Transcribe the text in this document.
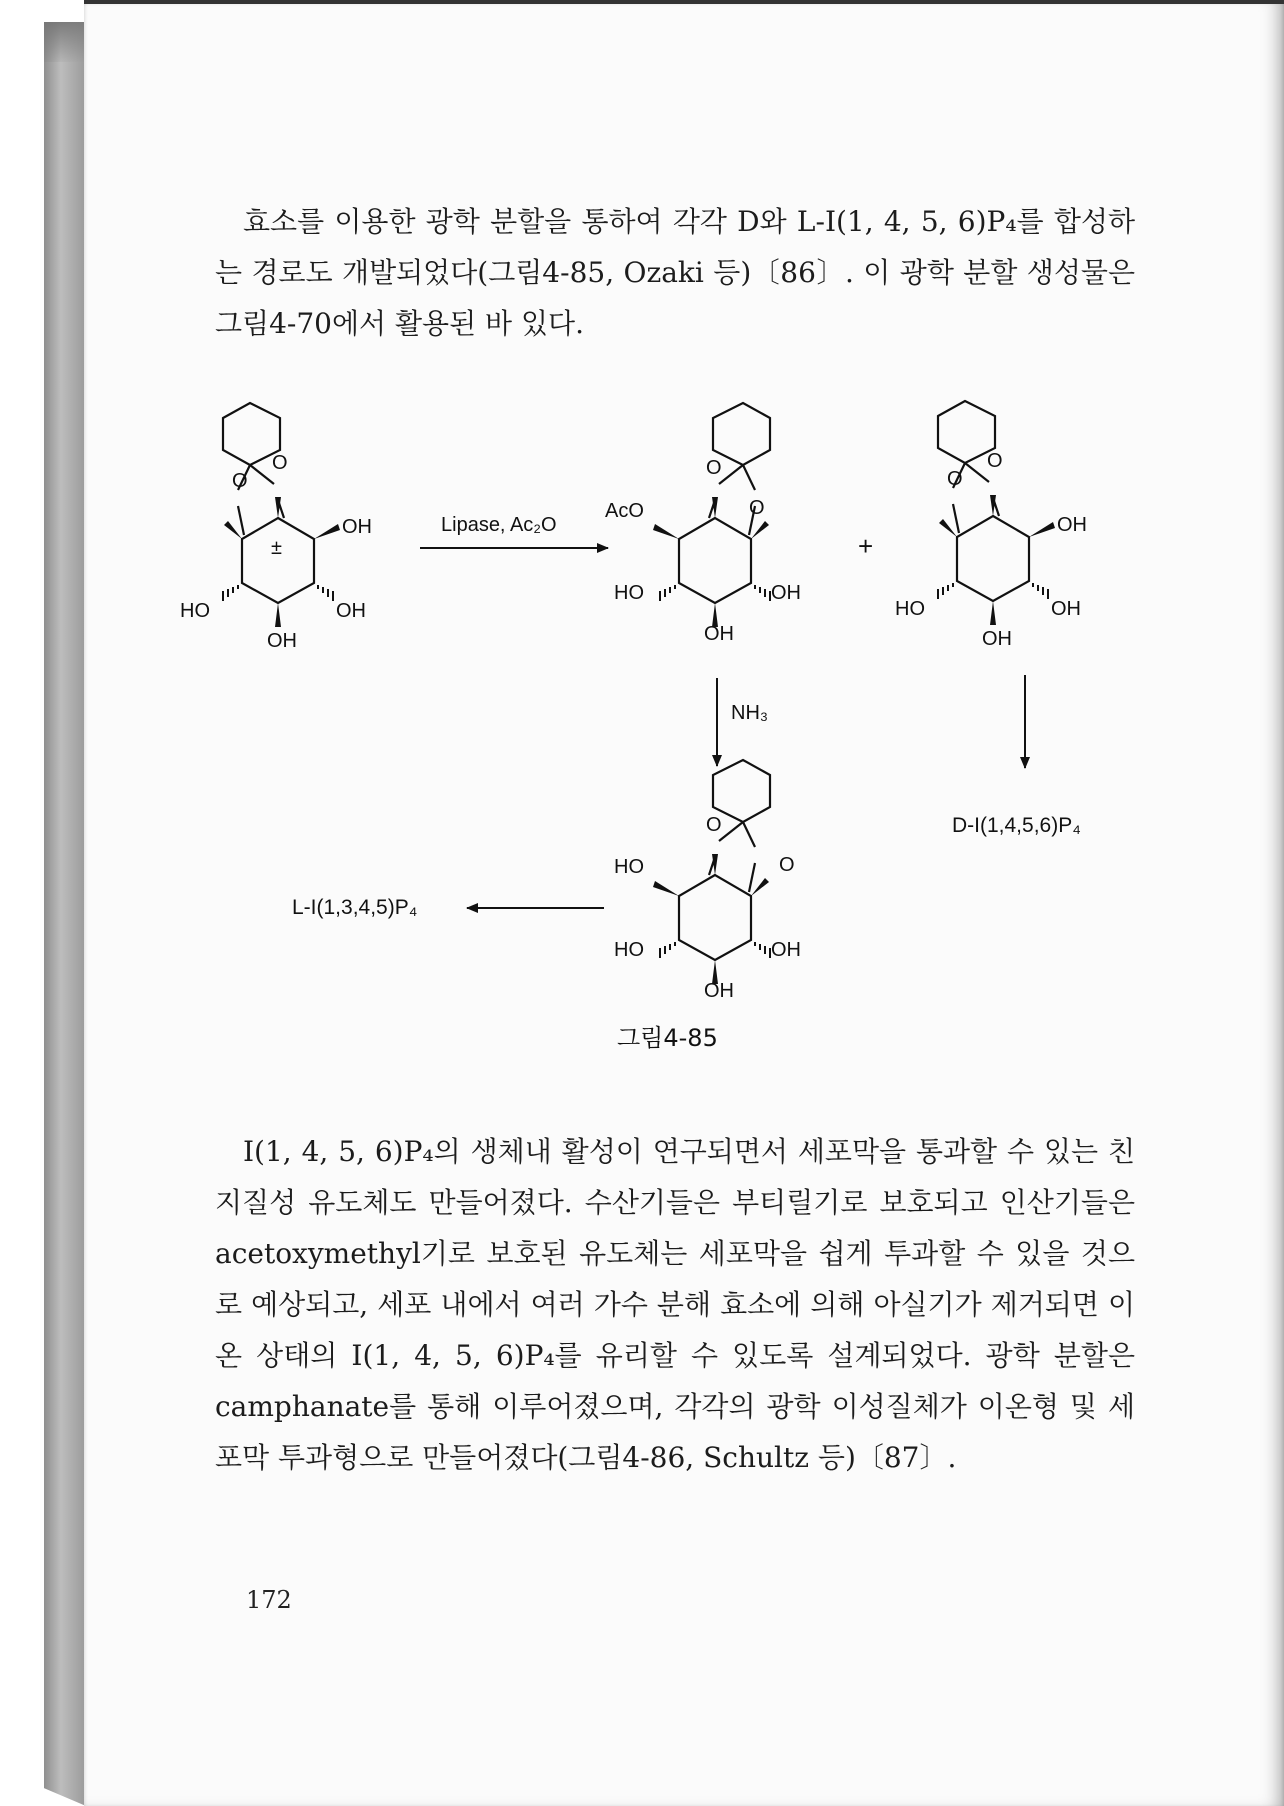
효소를 이용한 광학 분할을 통하여 각각 D와 L-I(1, 4, 5, 6)P₄를 합성하는 경로도 개발되었다(그림4-85, Ozaki 등)〔86〕. 이 광학 분할 생성물은 그림4-70에서 활용된 바 있다.

O
O
±
OH
HO	OH
OH
Lipase, Ac₂O
AcO
O
O
HO	OH
OH
+
O
O
OH
HO	OH
OH
NH₃
D-I(1,4,5,6)P₄
O
O
HO
HO	OH
OH
L-I(1,3,4,5)P₄
그림4-85

I(1, 4, 5, 6)P₄의 생체내 활성이 연구되면서 세포막을 통과할 수 있는 친지질성 유도체도 만들어졌다. 수산기들은 부티릴기로 보호되고 인산기들은 acetoxymethyl기로 보호된 유도체는 세포막을 쉽게 투과할 수 있을 것으로 예상되고, 세포 내에서 여러 가수 분해 효소에 의해 아실기가 제거되면 이온 상태의 I(1, 4, 5, 6)P₄를 유리할 수 있도록 설계되었다. 광학 분할은 camphanate를 통해 이루어졌으며, 각각의 광학 이성질체가 이온형 및 세포막 투과형으로 만들어졌다(그림4-86, Schultz 등)〔87〕.

172
